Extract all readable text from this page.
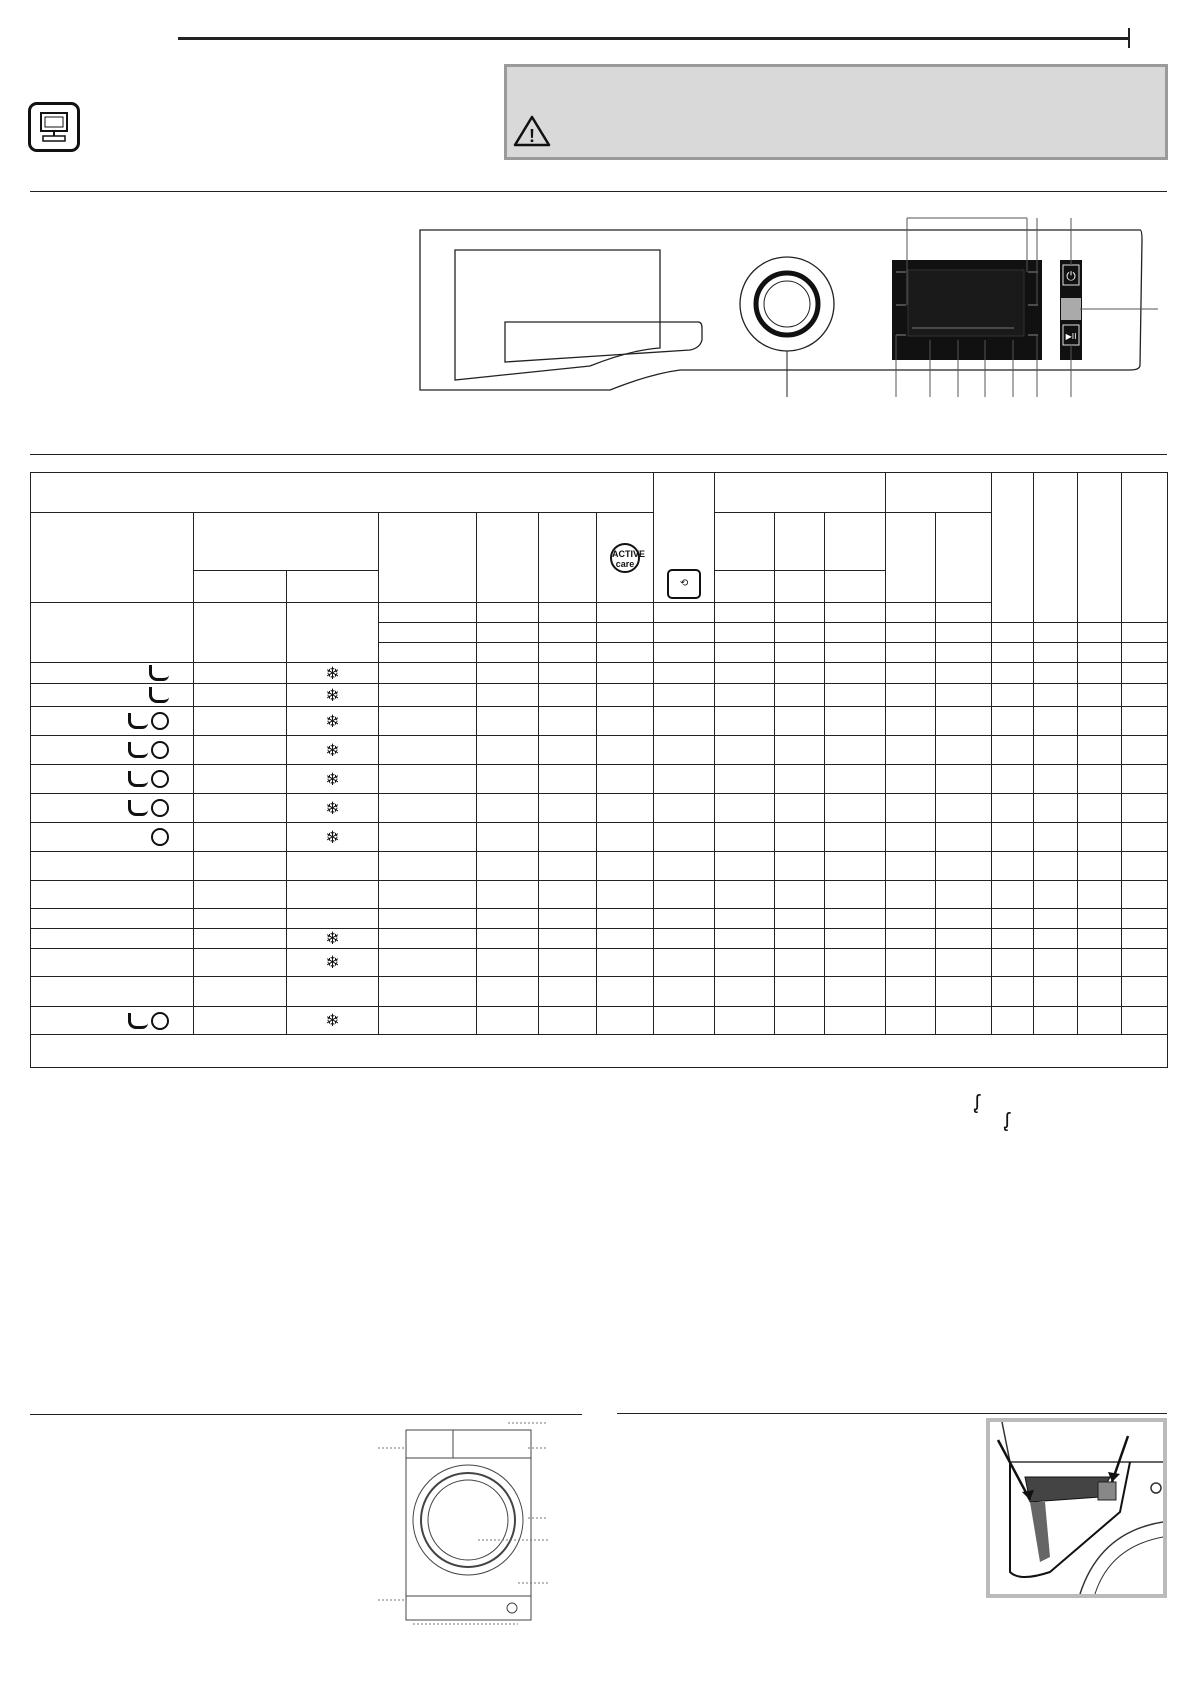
!
⏻
▶II

						ACTIVE care										
							⟲									

		❄														
		❄														
		❄														
		❄														
		❄														
		❄														
		❄														

		❄														
		❄														

		❄														

ᶘ
ᶘ
